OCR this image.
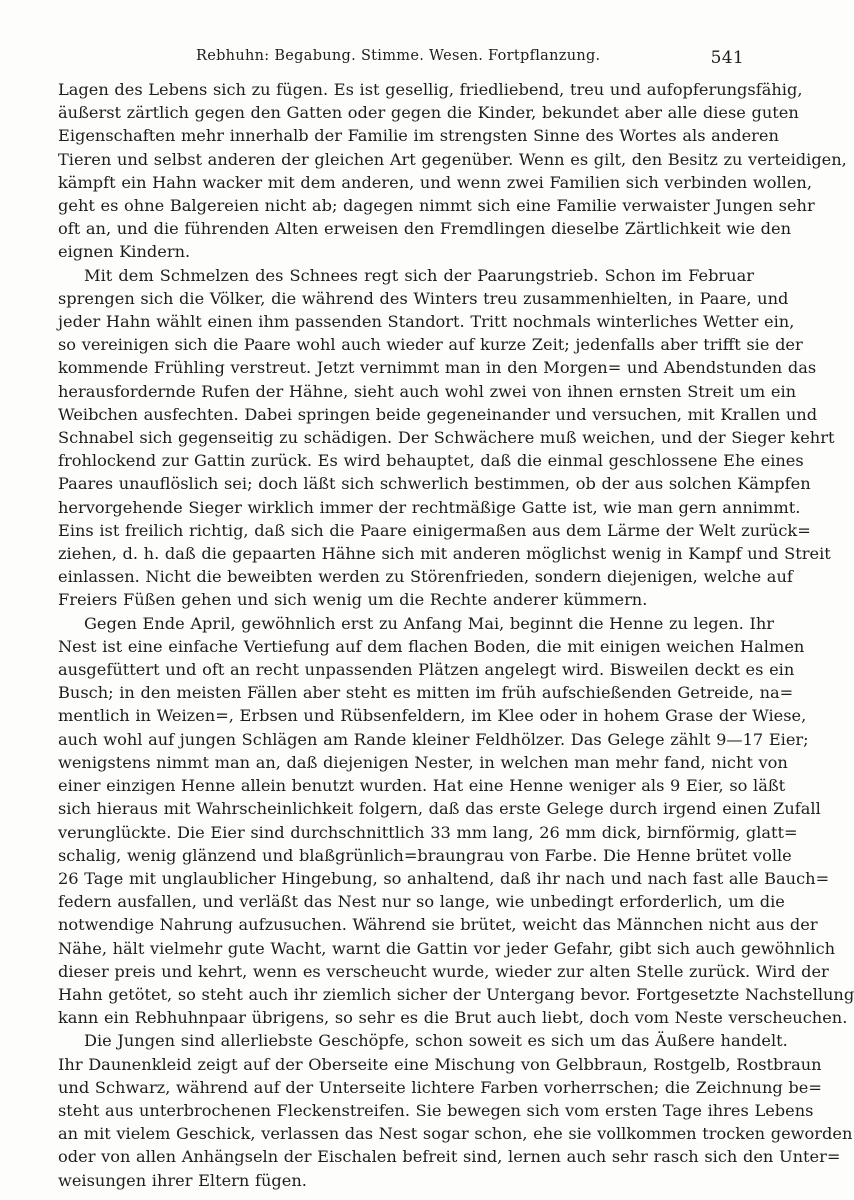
Rebhuhn: Begabung. Stimme. Wesen. Fortpflanzung.	541
Lagen des Lebens sich zu fügen. Es ist gesellig, friedliebend, treu und aufopferungsfähig,
äußerst zärtlich gegen den Gatten oder gegen die Kinder, bekundet aber alle diese guten
Eigenschaften mehr innerhalb der Familie im strengsten Sinne des Wortes als anderen
Tieren und selbst anderen der gleichen Art gegenüber. Wenn es gilt, den Besitz zu verteidigen,
kämpft ein Hahn wacker mit dem anderen, und wenn zwei Familien sich verbinden wollen,
geht es ohne Balgereien nicht ab; dagegen nimmt sich eine Familie verwaister Jungen sehr
oft an, und die führenden Alten erweisen den Fremdlingen dieselbe Zärtlichkeit wie den
eignen Kindern.
Mit dem Schmelzen des Schnees regt sich der Paarungstrieb. Schon im Februar
sprengen sich die Völker, die während des Winters treu zusammenhielten, in Paare, und
jeder Hahn wählt einen ihm passenden Standort. Tritt nochmals winterliches Wetter ein,
so vereinigen sich die Paare wohl auch wieder auf kurze Zeit; jedenfalls aber trifft sie der
kommende Frühling verstreut. Jetzt vernimmt man in den Morgen= und Abendstunden das
herausfordernde Rufen der Hähne, sieht auch wohl zwei von ihnen ernsten Streit um ein
Weibchen ausfechten. Dabei springen beide gegeneinander und versuchen, mit Krallen und
Schnabel sich gegenseitig zu schädigen. Der Schwächere muß weichen, und der Sieger kehrt
frohlockend zur Gattin zurück. Es wird behauptet, daß die einmal geschlossene Ehe eines
Paares unauflöslich sei; doch läßt sich schwerlich bestimmen, ob der aus solchen Kämpfen
hervorgehende Sieger wirklich immer der rechtmäßige Gatte ist, wie man gern annimmt.
Eins ist freilich richtig, daß sich die Paare einigermaßen aus dem Lärme der Welt zurück=
ziehen, d. h. daß die gepaarten Hähne sich mit anderen möglichst wenig in Kampf und Streit
einlassen. Nicht die beweibten werden zu Störenfrieden, sondern diejenigen, welche auf
Freiers Füßen gehen und sich wenig um die Rechte anderer kümmern.
Gegen Ende April, gewöhnlich erst zu Anfang Mai, beginnt die Henne zu legen. Ihr
Nest ist eine einfache Vertiefung auf dem flachen Boden, die mit einigen weichen Halmen
ausgefüttert und oft an recht unpassenden Plätzen angelegt wird. Bisweilen deckt es ein
Busch; in den meisten Fällen aber steht es mitten im früh aufschießenden Getreide, na=
mentlich in Weizen=, Erbsen und Rübsenfeldern, im Klee oder in hohem Grase der Wiese,
auch wohl auf jungen Schlägen am Rande kleiner Feldhölzer. Das Gelege zählt 9—17 Eier;
wenigstens nimmt man an, daß diejenigen Nester, in welchen man mehr fand, nicht von
einer einzigen Henne allein benutzt wurden. Hat eine Henne weniger als 9 Eier, so läßt
sich hieraus mit Wahrscheinlichkeit folgern, daß das erste Gelege durch irgend einen Zufall
verunglückte. Die Eier sind durchschnittlich 33 mm lang, 26 mm dick, birnförmig, glatt=
schalig, wenig glänzend und blaßgrünlich=braungrau von Farbe. Die Henne brütet volle
26 Tage mit unglaublicher Hingebung, so anhaltend, daß ihr nach und nach fast alle Bauch=
federn ausfallen, und verläßt das Nest nur so lange, wie unbedingt erforderlich, um die
notwendige Nahrung aufzusuchen. Während sie brütet, weicht das Männchen nicht aus der
Nähe, hält vielmehr gute Wacht, warnt die Gattin vor jeder Gefahr, gibt sich auch gewöhnlich
dieser preis und kehrt, wenn es verscheucht wurde, wieder zur alten Stelle zurück. Wird der
Hahn getötet, so steht auch ihr ziemlich sicher der Untergang bevor. Fortgesetzte Nachstellung
kann ein Rebhuhnpaar übrigens, so sehr es die Brut auch liebt, doch vom Neste verscheuchen.
Die Jungen sind allerliebste Geschöpfe, schon soweit es sich um das Äußere handelt.
Ihr Daunenkleid zeigt auf der Oberseite eine Mischung von Gelbbraun, Rostgelb, Rostbraun
und Schwarz, während auf der Unterseite lichtere Farben vorherrschen; die Zeichnung be=
steht aus unterbrochenen Fleckenstreifen. Sie bewegen sich vom ersten Tage ihres Lebens
an mit vielem Geschick, verlassen das Nest sogar schon, ehe sie vollkommen trocken geworden
oder von allen Anhängseln der Eischalen befreit sind, lernen auch sehr rasch sich den Unter=
weisungen ihrer Eltern fügen.
